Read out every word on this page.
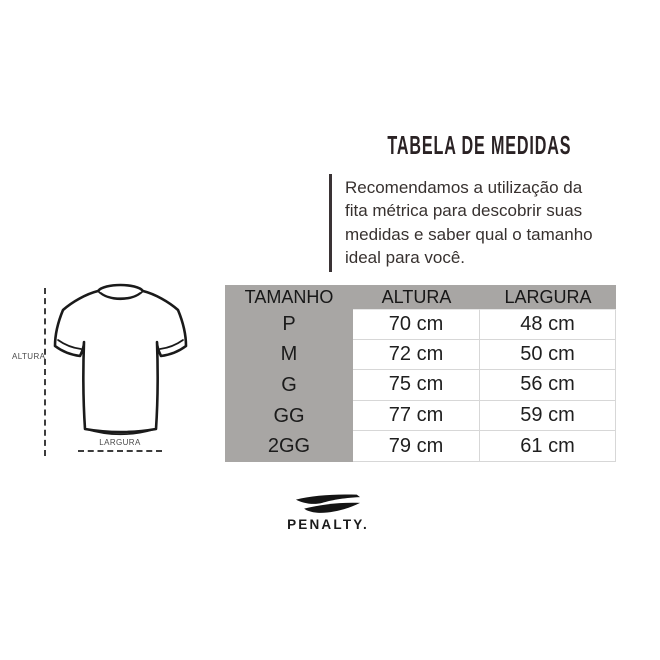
TABELA DE MEDIDAS
Recomendamos a utilização da
fita métrica para descobrir suas
medidas e saber qual o tamanho
ideal para você.
ALTURA
LARGURA
TAMANHO	ALTURA	LARGURA
P	70 cm	48 cm
M	72 cm	50 cm
G	75 cm	56 cm
GG	77 cm	59 cm
2GG	79 cm	61 cm
PENALTY.
